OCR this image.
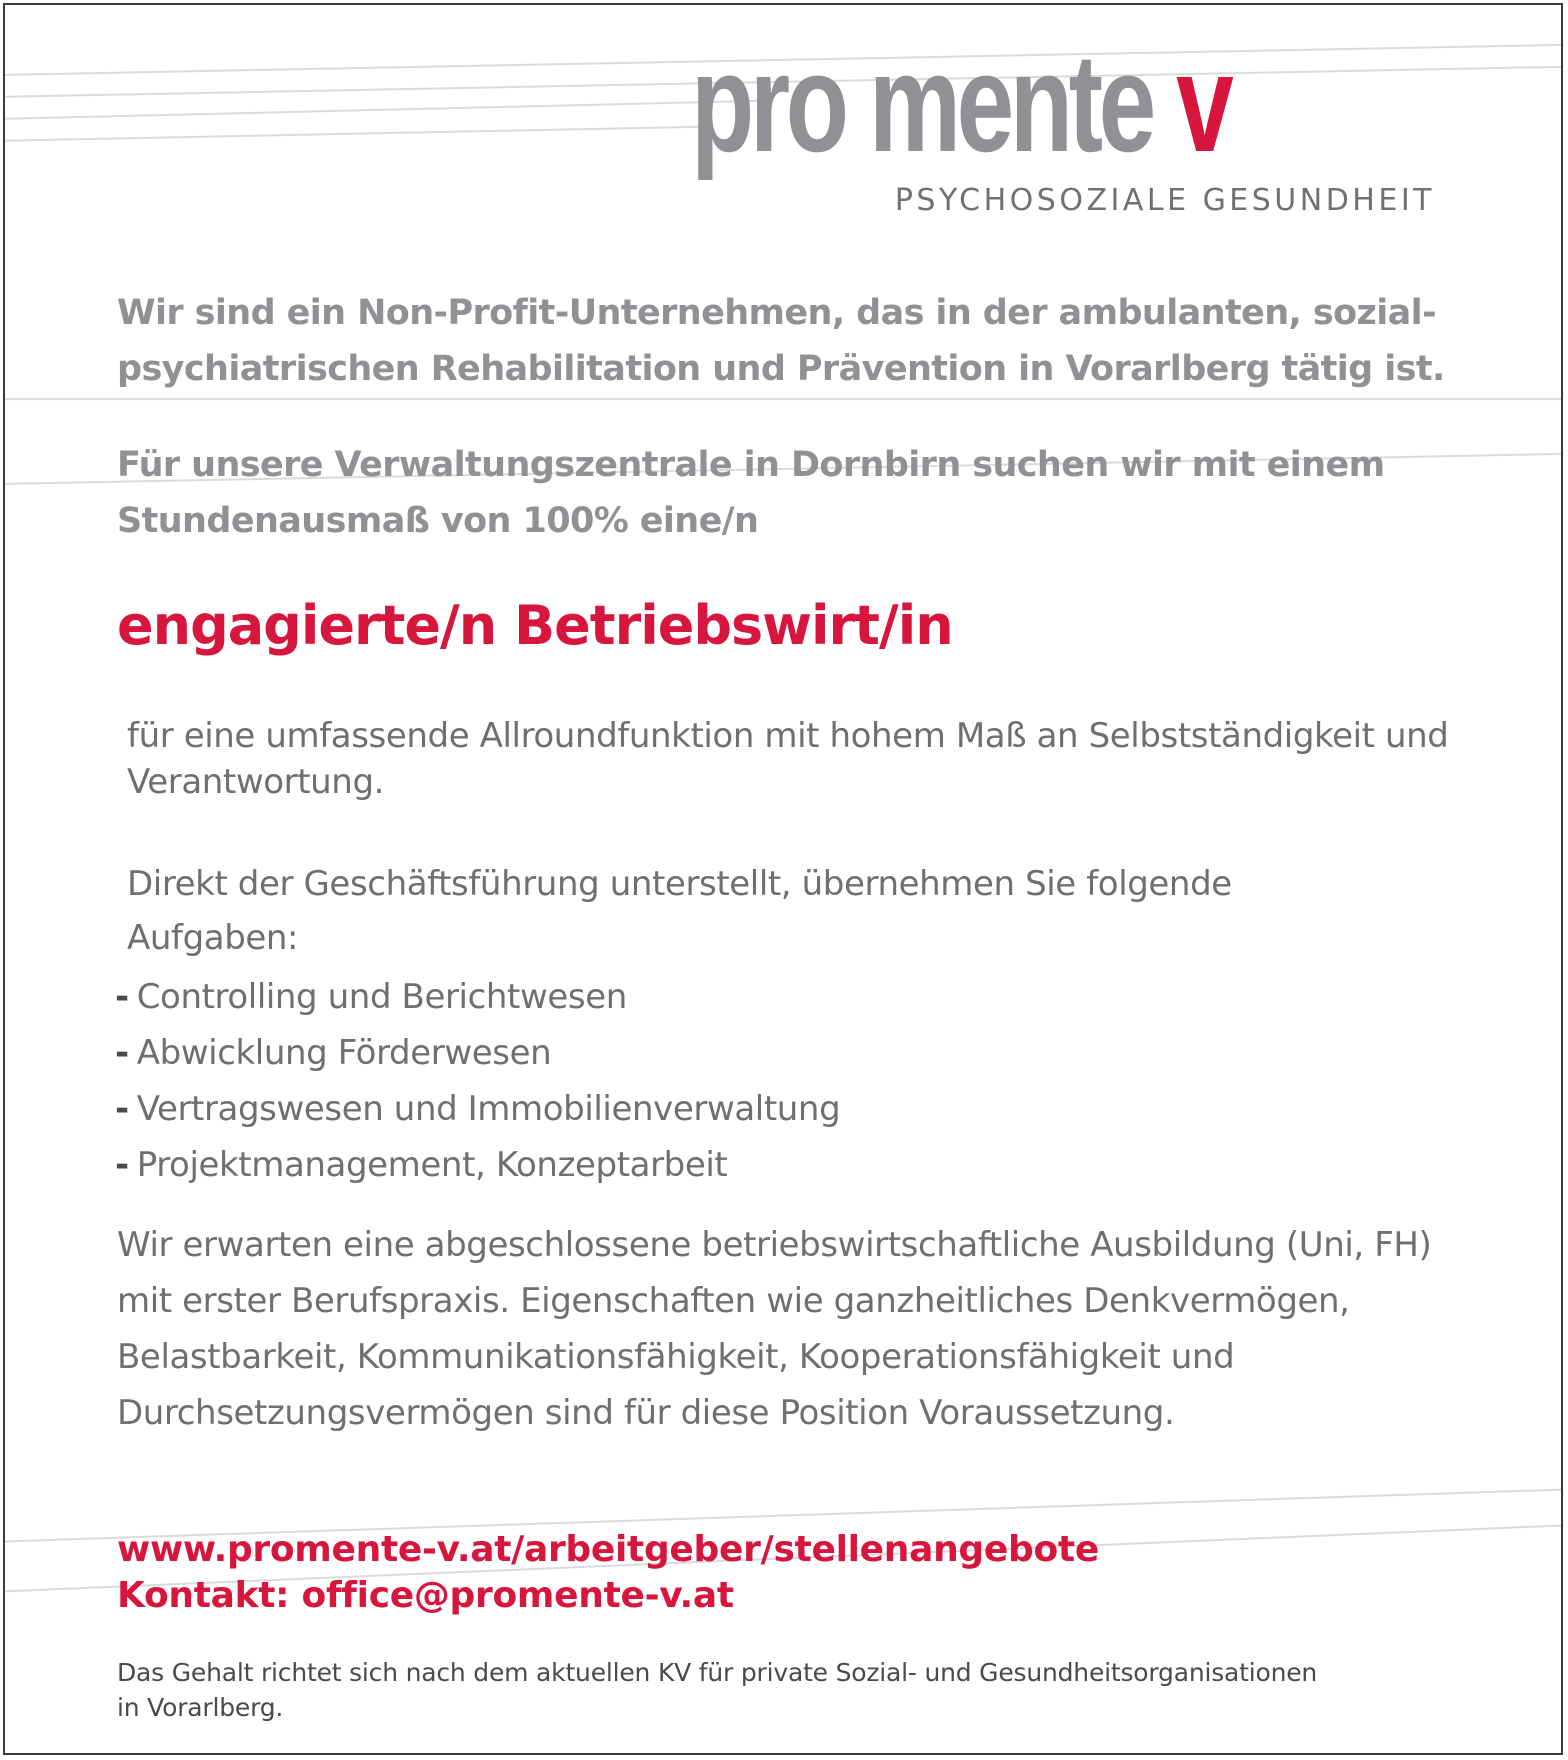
pro mente v
PSYCHOSOZIALE GESUNDHEIT
Wir sind ein Non-Profit-Unternehmen, das in der ambulanten, sozial-
psychiatrischen Rehabilitation und Prävention in Vorarlberg tätig ist.
Für unsere Verwaltungszentrale in Dornbirn suchen wir mit einem
Stundenausmaß von 100% eine/n
engagierte/n Betriebswirt/in
für eine umfassende Allroundfunktion mit hohem Maß an Selbstständigkeit und
Verantwortung.
Direkt der Geschäftsführung unterstellt, übernehmen Sie folgende
Aufgaben:
- Controlling und Berichtwesen
- Abwicklung Förderwesen
- Vertragswesen und Immobilienverwaltung
- Projektmanagement, Konzeptarbeit
Wir erwarten eine abgeschlossene betriebswirtschaftliche Ausbildung (Uni, FH)
mit erster Berufspraxis. Eigenschaften wie ganzheitliches Denkvermögen,
Belastbarkeit, Kommunikationsfähigkeit, Kooperationsfähigkeit und
Durchsetzungsvermögen sind für diese Position Voraussetzung.
www.promente-v.at/arbeitgeber/stellenangebote
Kontakt: office@promente-v.at
Das Gehalt richtet sich nach dem aktuellen KV für private Sozial- und Gesundheitsorganisationen
in Vorarlberg.
